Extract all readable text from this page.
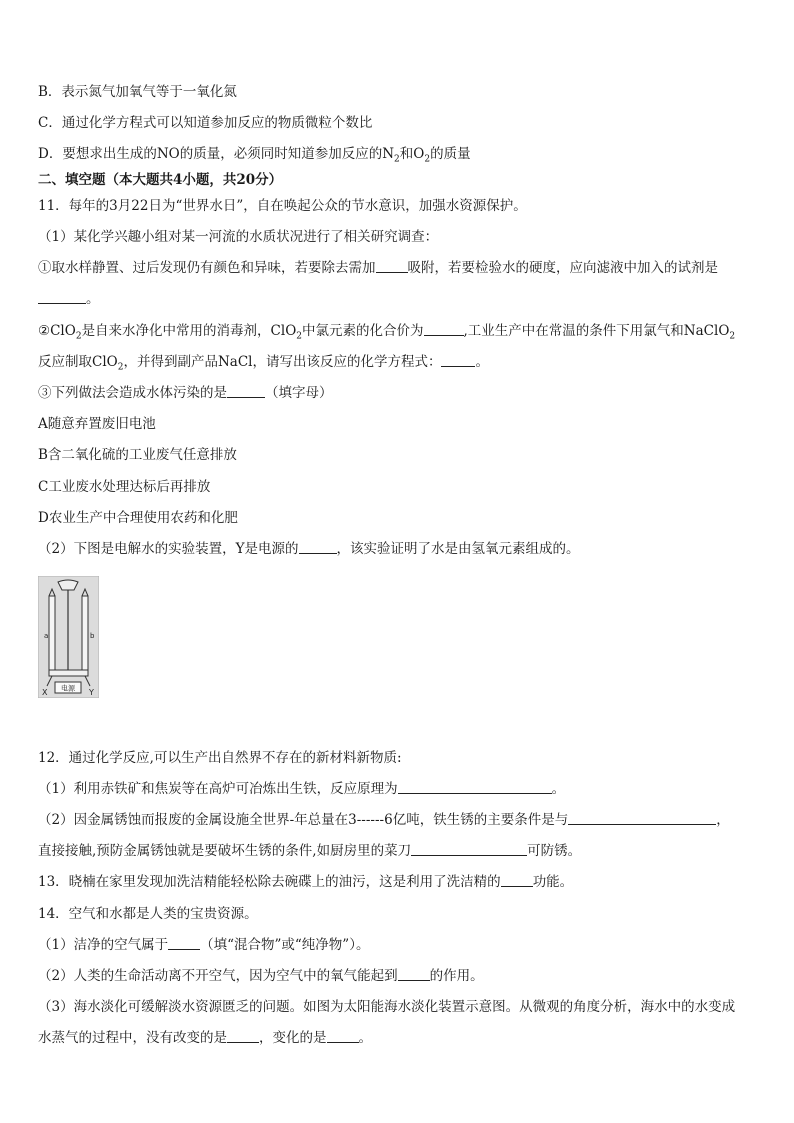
B．表示氮气加氧气等于一氧化氮
C．通过化学方程式可以知道参加反应的物质微粒个数比
D．要想求出生成的NO的质量，必须同时知道参加反应的$N_2$和$O_2$的质量
二、填空题（本大题共4小题，共20分）
11．每年的3月22日为“世界水日”，自在唤起公众的节水意识，加强水资源保护。
（1）某化学兴趣小组对某一河流的水质状况进行了相关研究调查：
①取水样静置、过后发现仍有颜色和异味，若要除去需加 吸附，若要检验水的硬度，应向滤液中加入的试剂是
。
②ClO$_2$是自来水净化中常用的消毒剂，ClO$_2$中氯元素的化合价为	,工业生产中在常温的条件下用氯气和NaClO$_2$
反应制取ClO$_2$，并得到副产品NaCl，请写出该反应的化学方程式：	。
③下列做法会造成水体污染的是	（填字母）
A随意弃置废旧电池
B含二氧化硫的工业废气任意排放
C工业废水处理达标后再排放
D农业生产中合理使用农药和化肥
（2）下图是电解水的实验装置，Y是电源的	，该实验证明了水是由氢氧元素组成的。
电源
X	Y
a	b
12．通过化学反应,可以生产出自然界不存在的新材料新物质:
（1）利用赤铁矿和焦炭等在高炉可冶炼出生铁，反应原理为	。
（2）因金属锈蚀而报废的金属设施全世界-年总量在3------6亿吨，铁生锈的主要条件是与	，
直接接触,预防金属锈蚀就是要破坏生锈的条件,如厨房里的菜刀	可防锈。
13．晓楠在家里发现加洗洁精能轻松除去碗碟上的油污，这是利用了洗洁精的 功能。
14．空气和水都是人类的宝贵资源。
（1）洁净的空气属于 （填“混合物”或“纯净物”）。
（2）人类的生命活动离不开空气，因为空气中的氧气能起到 的作用。
（3）海水淡化可缓解淡水资源匮乏的问题。如图为太阳能海水淡化装置示意图。从微观的角度分析，海水中的水变成
水蒸气的过程中，没有改变的是 ，变化的是 。
